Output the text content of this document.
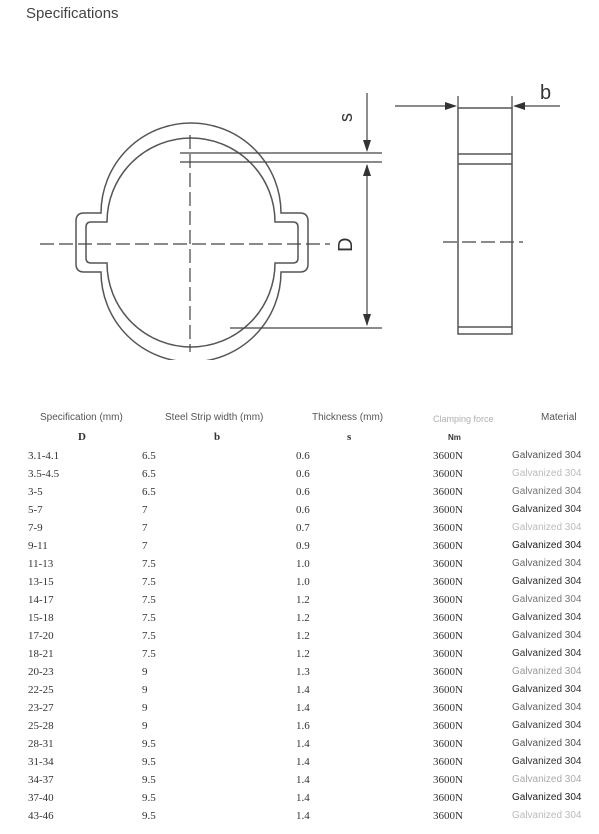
Specifications
s
D
b
Specification (mm)	Steel Strip width (mm)	Thickness (mm)	Clamping force	Material
D	b	s	Nm
3.1-4.1	6.5	0.6	3600N	Galvanized 304
3.5-4.5	6.5	0.6	3600N	Galvanized 304
3-5	6.5	0.6	3600N	Galvanized 304
5-7	7	0.6	3600N	Galvanized 304
7-9	7	0.7	3600N	Galvanized 304
9-11	7	0.9	3600N	Galvanized 304
11-13	7.5	1.0	3600N	Galvanized 304
13-15	7.5	1.0	3600N	Galvanized 304
14-17	7.5	1.2	3600N	Galvanized 304
15-18	7.5	1.2	3600N	Galvanized 304
17-20	7.5	1.2	3600N	Galvanized 304
18-21	7.5	1.2	3600N	Galvanized 304
20-23	9	1.3	3600N	Galvanized 304
22-25	9	1.4	3600N	Galvanized 304
23-27	9	1.4	3600N	Galvanized 304
25-28	9	1.6	3600N	Galvanized 304
28-31	9.5	1.4	3600N	Galvanized 304
31-34	9.5	1.4	3600N	Galvanized 304
34-37	9.5	1.4	3600N	Galvanized 304
37-40	9.5	1.4	3600N	Galvanized 304
43-46	9.5	1.4	3600N	Galvanized 304
